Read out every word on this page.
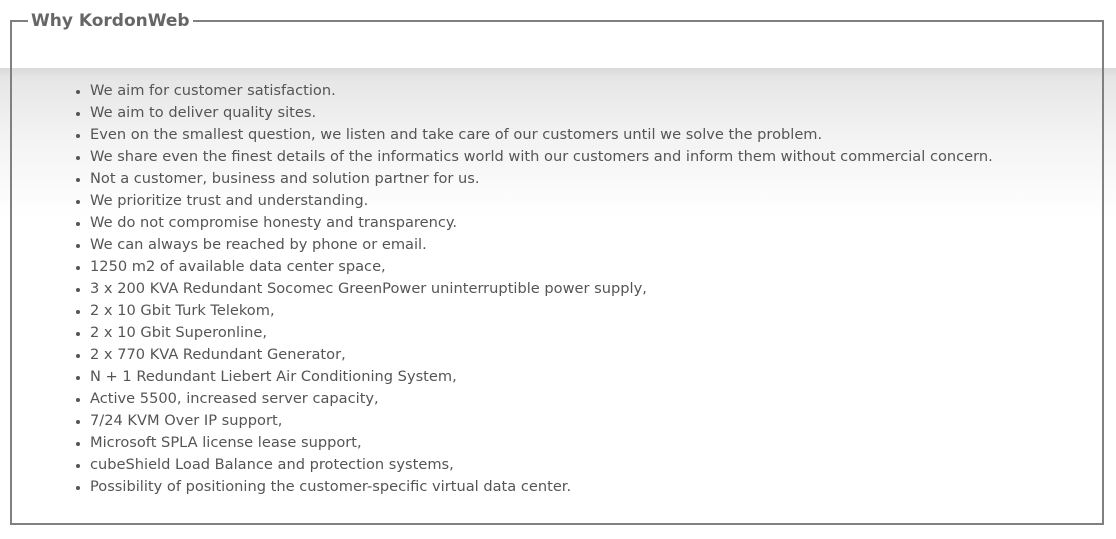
Why KordonWeb
• We aim for customer satisfaction.
• We aim to deliver quality sites.
• Even on the smallest question, we listen and take care of our customers until we solve the problem.
• We share even the finest details of the informatics world with our customers and inform them without commercial concern.
• Not a customer, business and solution partner for us.
• We prioritize trust and understanding.
• We do not compromise honesty and transparency.
• We can always be reached by phone or email.
• 1250 m2 of available data center space,
• 3 x 200 KVA Redundant Socomec GreenPower uninterruptible power supply,
• 2 x 10 Gbit Turk Telekom,
• 2 x 10 Gbit Superonline,
• 2 x 770 KVA Redundant Generator,
• N + 1 Redundant Liebert Air Conditioning System,
• Active 5500, increased server capacity,
• 7/24 KVM Over IP support,
• Microsoft SPLA license lease support,
• cubeShield Load Balance and protection systems,
• Possibility of positioning the customer-specific virtual data center.
